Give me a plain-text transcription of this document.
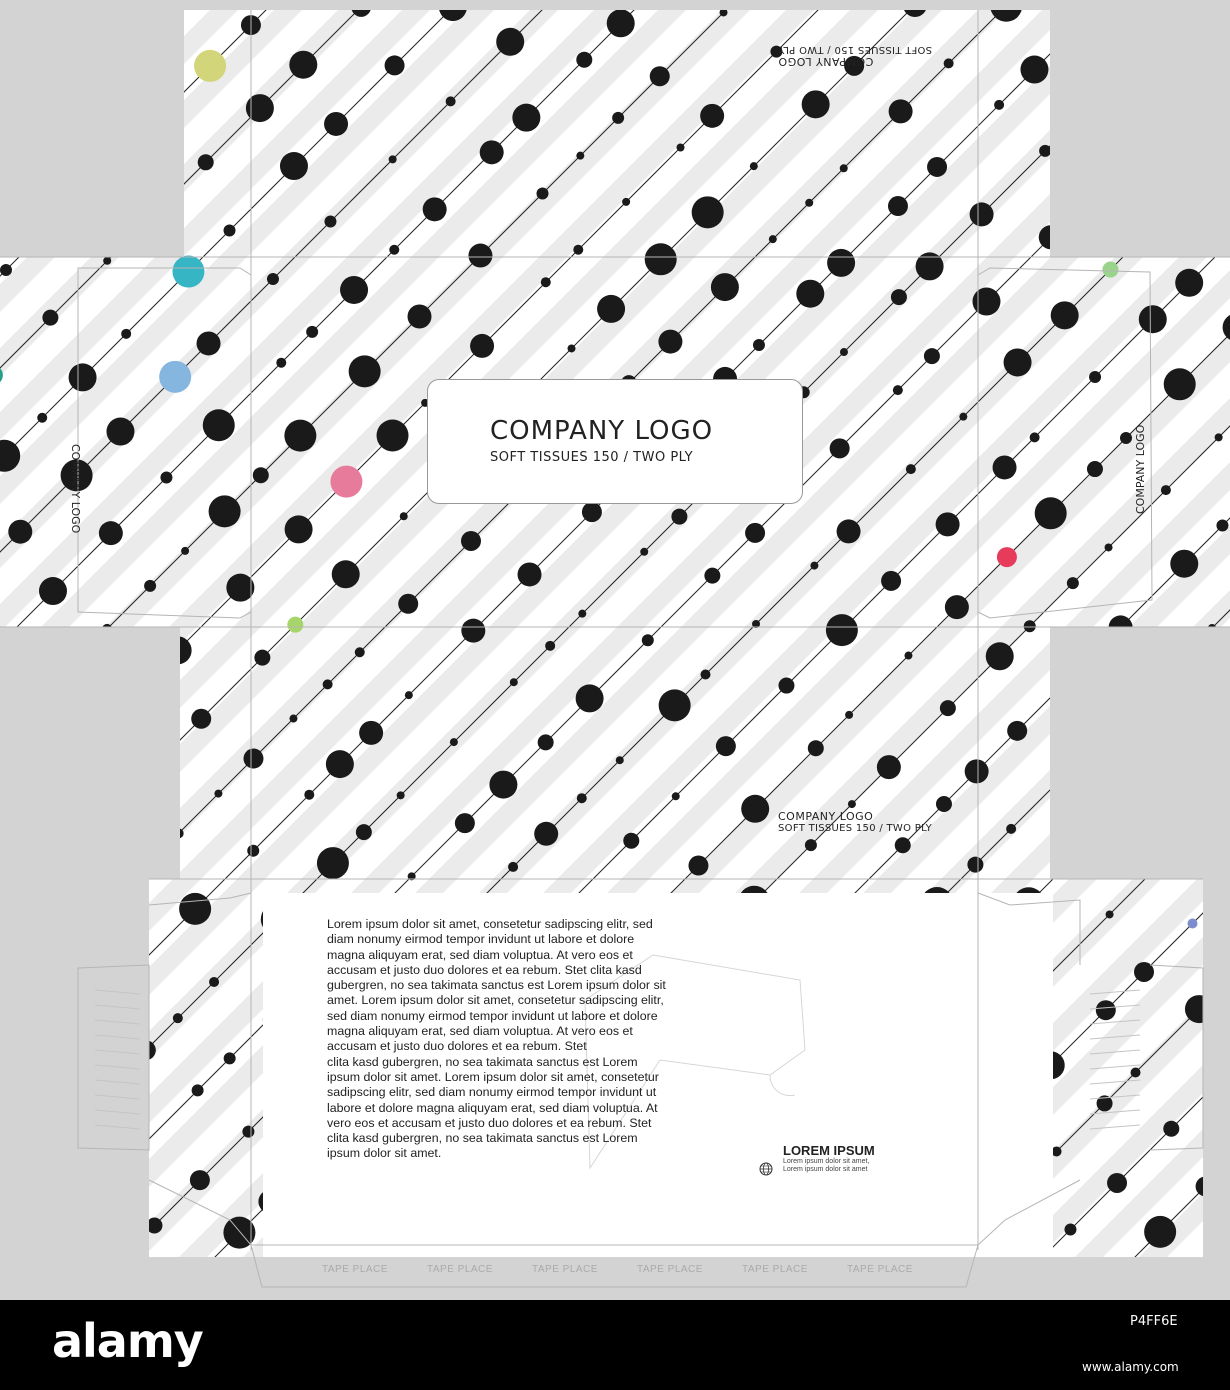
COMPANY LOGO
SOFT TISSUES 150 / TWO PLY
COMPANY LOGO
SOFT TISSUES 150 / TWO PLY
COMPANY LOGO
SOFT TISSUES 150 / TWO PLY
COMPANY LOGO	COMPANY LOGO

Lorem ipsum dolor sit amet, consetetur sadipscing elitr, sed diam nonumy eirmod tempor invidunt ut labore et dolore magna aliquyam erat, sed diam voluptua. At vero eos et accusam et justo duo dolores et ea rebum. Stet clita kasd gubergren, no sea takimata sanctus est Lorem ipsum dolor sit amet. Lorem ipsum dolor sit amet, consetetur sadipscing elitr, sed diam nonumy eirmod tempor invidunt ut labore et dolore magna aliquyam erat, sed diam voluptua. At vero eos et accusam et justo duo dolores et ea rebum. Stet

clita kasd gubergren, no sea takimata sanctus est Lorem ipsum dolor sit amet. Lorem ipsum dolor sit amet, consetetur sadipscing elitr, sed diam nonumy eirmod tempor invidunt ut labore et dolore magna aliquyam erat, sed diam voluptua. At vero eos et accusam et justo duo dolores et ea rebum. Stet clita kasd gubergren, no sea takimata sanctus est Lorem ipsum dolor sit amet.	LOREM IPSUM
Lorem ipsum dolor sit amet,
Lorem ipsum dolor sit amet
TAPE PLACE	TAPE PLACE	TAPE PLACE	TAPE PLACE	TAPE PLACE	TAPE PLACE
alamy	P4FF6E
www.alamy.com
